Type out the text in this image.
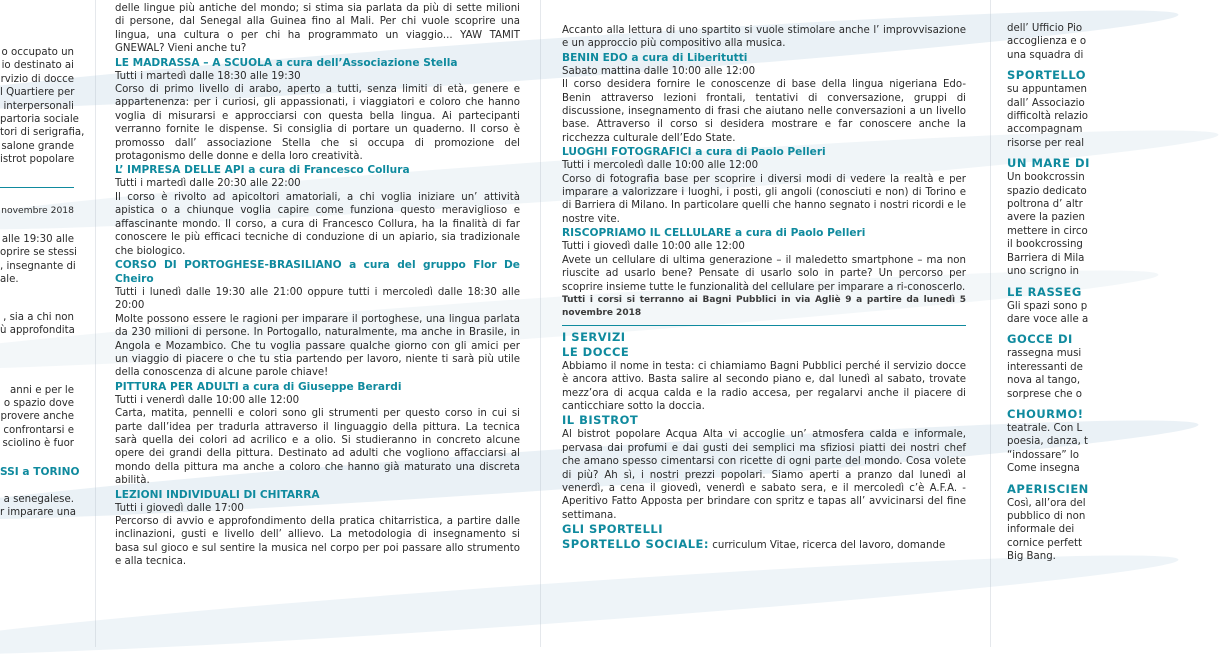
o occupato un
io destinato ai
rvizio di docce
l Quartiere per
interpersonali
partoria sociale
tori di serigrafia,
salone grande
istrot popolare
novembre 2018
alle 19:30 alle
oprire se stessi
, insegnante di
ale.
, sia a chi non
ù approfondita
anni e per le
o spazio dove
provere anche
confrontarsi e
sciolino è fuor
SSI a TORINO
a senegalese.
r imparare una

delle lingue più antiche del mondo; si stima sia parlata da più di sette milioni di persone, dal Senegal alla Guinea fino al Mali. Per chi vuole scoprire una lingua, una cultura o per chi ha programmato un viaggio... YAW TAMIT GNEWAL? Vieni anche tu?

LE MADRASSA – A SCUOLA a cura dell’Associazione Stella

Tutti i martedì dalle 18:30 alle 19:30

Corso di primo livello di arabo, aperto a tutti, senza limiti di età, genere e appartenenza: per i curiosi, gli appassionati, i viaggiatori e coloro che hanno voglia di misurarsi e approcciarsi con questa bella lingua. Ai partecipanti verranno fornite le dispense. Si consiglia di portare un quaderno. Il corso è promosso dall’ associazione Stella che si occupa di promozione del protagonismo delle donne e della loro creatività.

L’ IMPRESA DELLE API a cura di Francesco Collura

Tutti i martedì dalle 20:30 alle 22:00

Il corso è rivolto ad apicoltori amatoriali, a chi voglia iniziare un’ attività apistica o a chiunque voglia capire come funziona questo meraviglioso e affascinante mondo. Il corso, a cura di Francesco Collura, ha la finalità di far conoscere le più efficaci tecniche di conduzione di un apiario, sia tradizionale che biologico.

CORSO DI PORTOGHESE-BRASILIANO a cura del gruppo Flor De Cheiro

Tutti i lunedì dalle 19:30 alle 21:00 oppure tutti i mercoledì dalle 18:30 alle 20:00

Molte possono essere le ragioni per imparare il portoghese, una lingua parlata da 230 milioni di persone. In Portogallo, naturalmente, ma anche in Brasile, in Angola e Mozambico. Che tu voglia passare qualche giorno con gli amici per un viaggio di piacere o che tu stia partendo per lavoro, niente ti sarà più utile della conoscenza di alcune parole chiave!

PITTURA PER ADULTI a cura di Giuseppe Berardi

Tutti i venerdì dalle 10:00 alle 12:00

Carta, matita, pennelli e colori sono gli strumenti per questo corso in cui si parte dall’idea per tradurla attraverso il linguaggio della pittura. La tecnica sarà quella dei colori ad acrilico e a olio. Si studieranno in concreto alcune opere dei grandi della pittura. Destinato ad adulti che vogliono affacciarsi al mondo della pittura ma anche a coloro che hanno già maturato una discreta abilità.

LEZIONI INDIVIDUALI DI CHITARRA

Tutti i giovedì dalle 17:00

Percorso di avvio e approfondimento della pratica chitarristica, a partire dalle inclinazioni, gusti e livello dell’ allievo. La metodologia di insegnamento si basa sul gioco e sul sentire la musica nel corpo per poi passare allo strumento e alla tecnica.

Accanto alla lettura di uno spartito si vuole stimolare anche l’ improvvisazione e un approccio più compositivo alla musica.

BENIN EDO a cura di Liberitutti

Sabato mattina dalle 10:00 alle 12:00

Il corso desidera fornire le conoscenze di base della lingua nigeriana Edo-Benin attraverso lezioni frontali, tentativi di conversazione, gruppi di discussione, insegnamento di frasi che aiutano nelle conversazioni a un livello base. Attraverso il corso si desidera mostrare e far conoscere anche la ricchezza culturale dell’Edo State.

LUOGHI FOTOGRAFICI a cura di Paolo Pelleri

Tutti i mercoledì dalle 10:00 alle 12:00

Corso di fotografia base per scoprire i diversi modi di vedere la realtà e per imparare a valorizzare i luoghi, i posti, gli angoli (conosciuti e non) di Torino e di Barriera di Milano. In particolare quelli che hanno segnato i nostri ricordi e le nostre vite.

RISCOPRIAMO IL CELLULARE a cura di Paolo Pelleri

Tutti i giovedì dalle 10:00 alle 12:00

Avete un cellulare di ultima generazione – il maledetto smartphone – ma non riuscite ad usarlo bene? Pensate di usarlo solo in parte? Un percorso per scoprire insieme tutte le funzionalità del cellulare per imparare a ri-conoscerlo.

Tutti i corsi si terranno ai Bagni Pubblici in via Agliè 9 a partire da lunedì 5 novembre 2018

I SERVIZI

LE DOCCE

Abbiamo il nome in testa: ci chiamiamo Bagni Pubblici perché il servizio docce è ancora attivo. Basta salire al secondo piano e, dal lunedì al sabato, trovate mezz’ora di acqua calda e la radio accesa, per regalarvi anche il piacere di canticchiare sotto la doccia.

IL BISTROT

Al bistrot popolare Acqua Alta vi accoglie un’ atmosfera calda e informale, pervasa dai profumi e dai gusti dei semplici ma sfiziosi piatti dei nostri chef che amano spesso cimentarsi con ricette di ogni parte del mondo. Cosa volete di più? Ah sì, i nostri prezzi popolari. Siamo aperti a pranzo dal lunedì al venerdì, a cena il giovedì, venerdì e sabato sera, e il mercoledì c’è A.F.A. - Aperitivo Fatto Apposta per brindare con spritz e tapas all’ avvicinarsi del fine settimana.

GLI SPORTELLI

SPORTELLO SOCIALE: curriculum Vitae, ricerca del lavoro, domande

dell’ Ufficio Pio
accoglienza e o
una squadra di
SPORTELLO
su appuntamen
dall’ Associazio
difficoltà relazio
accompagnam
risorse per real
UN MARE DI
Un bookcrossin
spazio dedicato
poltrona d’ altr
avere la pazien
mettere in circo
il bookcrossing
Barriera di Mila
uno scrigno in
LE RASSEG
Gli spazi sono p
dare voce alle a
GOCCE DI
rassegna musi
interessanti de
nova al tango,
sorprese che o
CHOURMO!
teatrale. Con L
poesia, danza, t
“indossare” lo
Come insegna
APERISCIEN
Così, all’ora del
pubblico di non
informale dei
cornice perfett
Big Bang.
